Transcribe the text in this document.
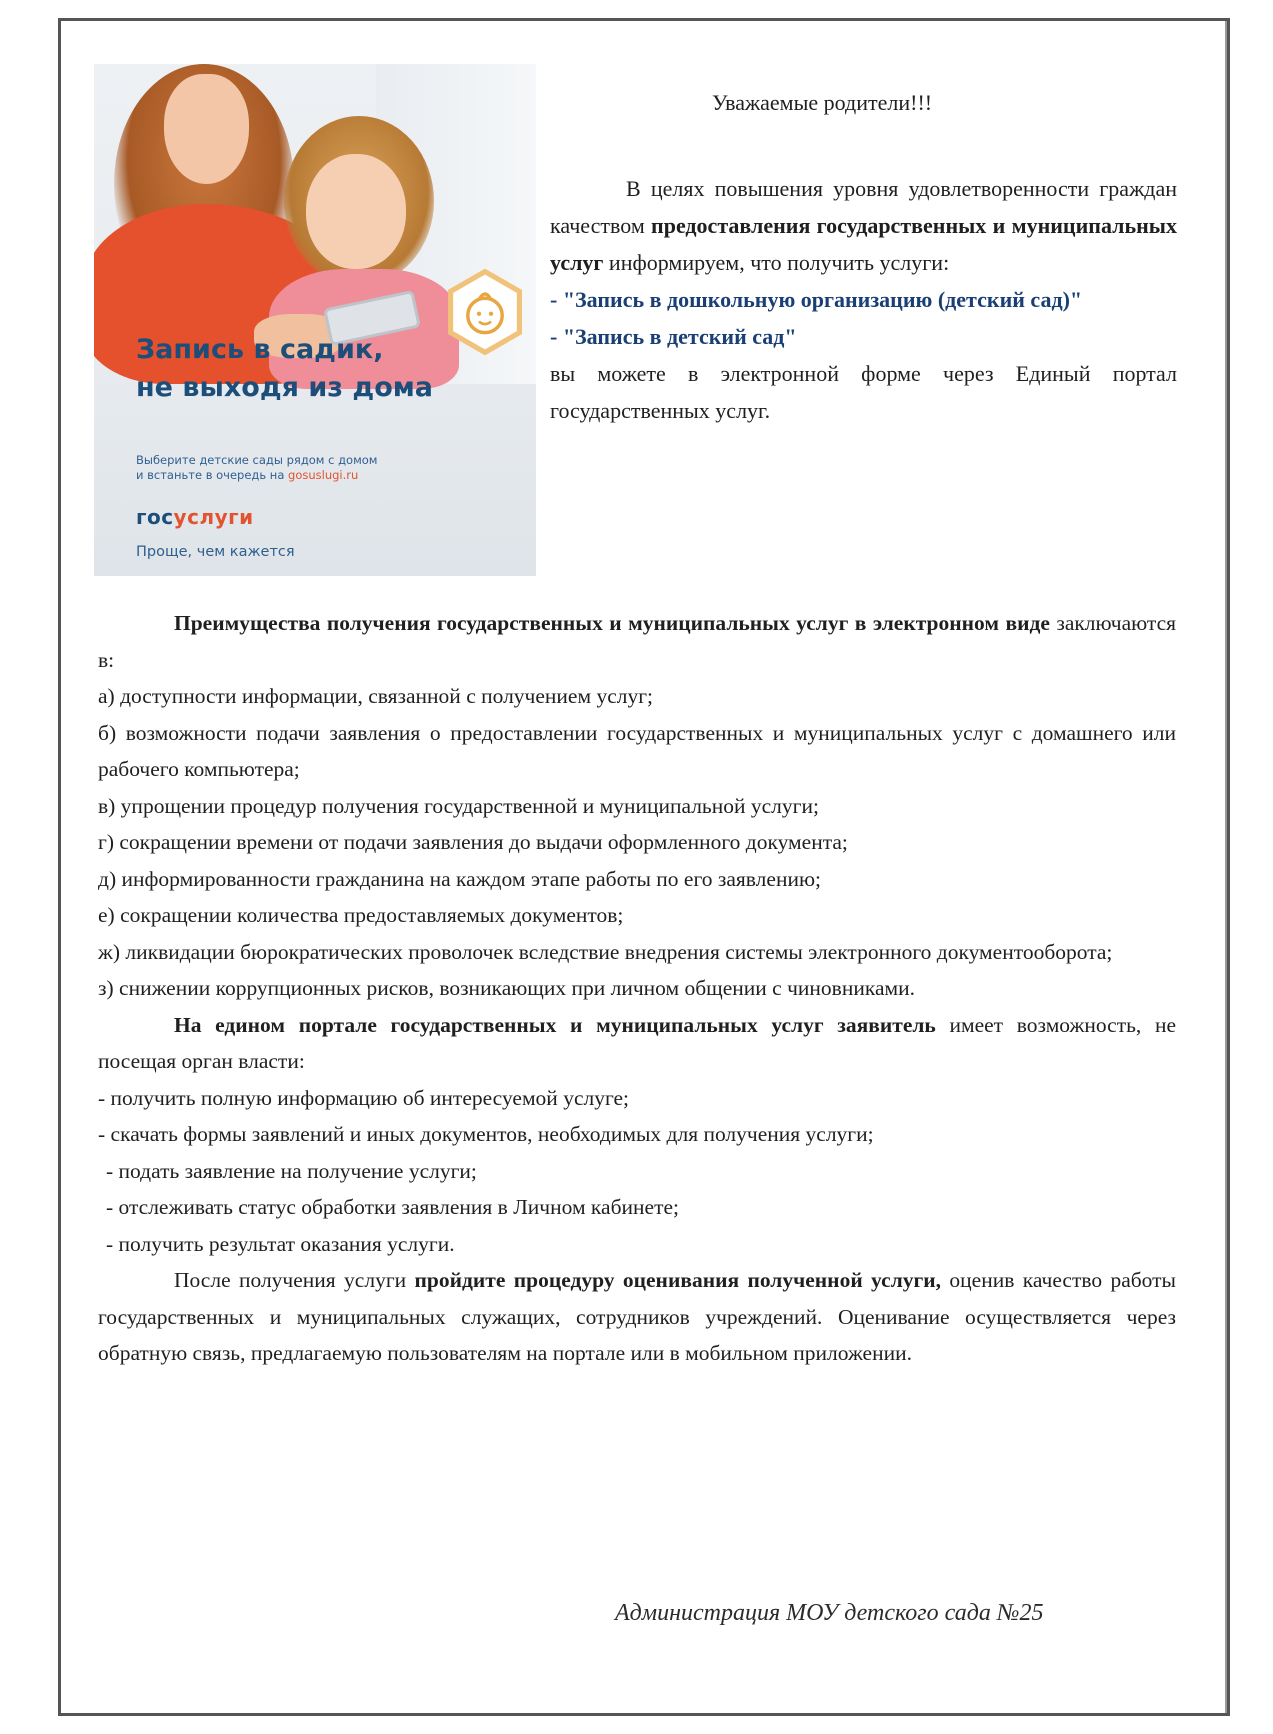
Запись в садик,
не выходя из дома
Выберите детские сады рядом с домом
и встаньте в очередь на gosuslugi.ru
госуслуги
Проще, чем кажется
Уважаемые родители!!!

В целях повышения уровня удовлетворенности граждан качеством предоставления государственных и муниципальных услуг информируем, что получить услуги:

- "Запись в дошкольную организацию (детский сад)"

- "Запись в детский сад"

вы можете в электронной форме через Единый портал государственных услуг.

Преимущества получения государственных и муниципальных услуг в электронном виде заключаются в:

а) доступности информации, связанной с получением услуг;

б) возможности подачи заявления о предоставлении государственных и муниципальных услуг с домашнего или рабочего компьютера;

в) упрощении процедур получения государственной и муниципальной услуги;

г) сокращении времени от подачи заявления до выдачи оформленного документа;

д) информированности гражданина на каждом этапе работы по его заявлению;

е) сокращении количества предоставляемых документов;

ж) ликвидации бюрократических проволочек вследствие внедрения системы электронного документооборота;

з) снижении коррупционных рисков, возникающих при личном общении с чиновниками.

На едином портале государственных и муниципальных услуг заявитель имеет возможность, не посещая орган власти:

- получить полную информацию об интересуемой услуге;

- скачать формы заявлений и иных документов, необходимых для получения услуги;

- подать заявление на получение услуги;

- отслеживать статус обработки заявления в Личном кабинете;

- получить результат оказания услуги.

После получения услуги пройдите процедуру оценивания полученной услуги, оценив качество работы государственных и муниципальных служащих, сотрудников учреждений. Оценивание осуществляется через обратную связь, предлагаемую пользователям на портале или в мобильном приложении.

Администрация МОУ детского сада №25
